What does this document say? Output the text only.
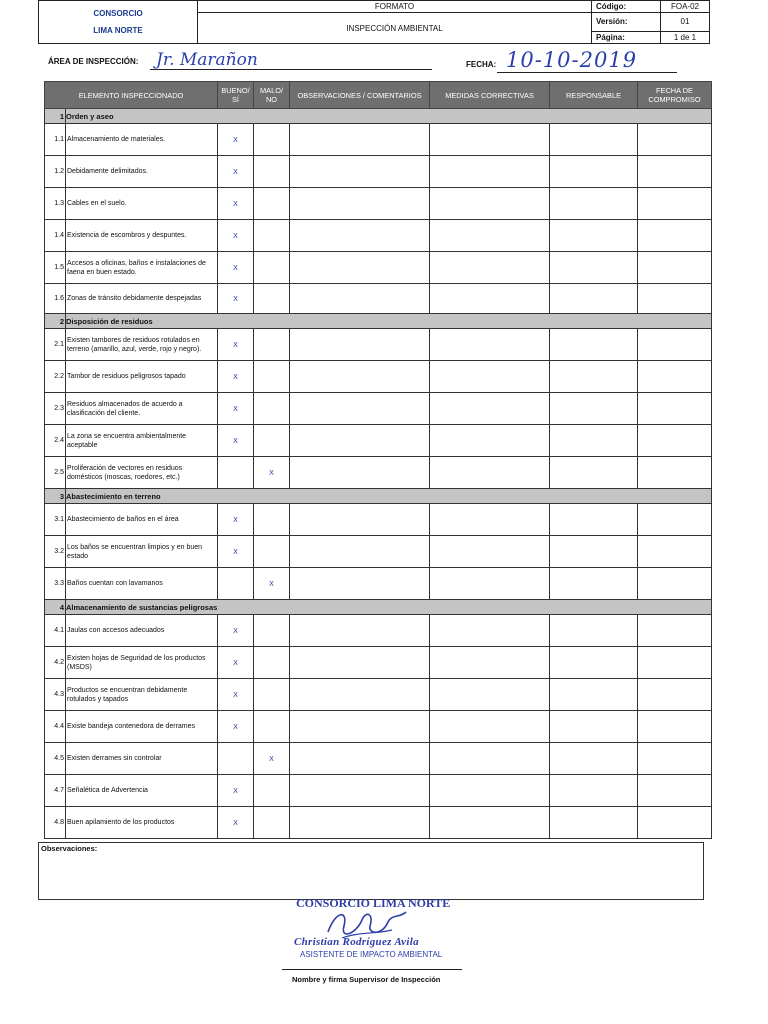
CONSORCIO
LIMA NORTE	FORMATO	Código:	FOA-02
	INSPECCIÓN AMBIENTAL	Versión:	01
		Página:	1 de 1
ÁREA DE INSPECCIÓN: Jr. Marañon	FECHA: 10-10-2019
ELEMENTO INSPECCIONADO		BUENO/ SÍ	MALO/ NO	OBSERVACIONES / COMENTARIOS	MEDIDAS CORRECTIVAS	RESPONSABLE	FECHA DE COMPROMISO
1	Orden y aseo						
1.1	Almacenamiento de materiales.	X					
1.2	Debidamente delimitados.	X					
1.3	Cables en el suelo.	X					
1.4	Existencia de escombros y despuntes.	X					
1.5	Accesos a oficinas, baños e instalaciones de faena en buen estado.	X					
1.6	Zonas de tránsito debidamente despejadas	X					
2	Disposición de residuos						
2.1	Existen tambores de residuos rotulados en terreno (amarillo, azul, verde, rojo y negro).	X					
2.2	Tambor de residuos peligrosos tapado	X					
2.3	Residuos almacenados de acuerdo a clasificación del cliente.	X					
2.4	La zona se encuentra ambientalmente aceptable	X					
2.5	Proliferación de vectores en residuos domésticos (moscas, roedores, etc.)		X				
3	Abastecimiento en terreno						
3.1	Abastecimiento de baños en el área	X					
3.2	Los baños se encuentran limpios y en buen estado	X					
3.3	Baños cuentan con lavamanos		X				
4	Almacenamiento de sustancias peligrosas						
4.1	Jaulas con accesos adecuados	X					
4.2	Existen hojas de Seguridad de los productos (MSDS)	X					
4.3	Productos se encuentran debidamente rotulados y tapados	X					
4.4	Existe bandeja contenedora de derrames	X					
4.5	Existen derrames sin controlar		X				
4.7	Señalética de Advertencia	X					
4.8	Buen apilamiento de los productos	X					
Observaciones:
CONSORCIO LIMA NORTE
Christian Rodríguez Avila
ASISTENTE DE IMPACTO AMBIENTAL
Nombre y firma Supervisor de Inspección
